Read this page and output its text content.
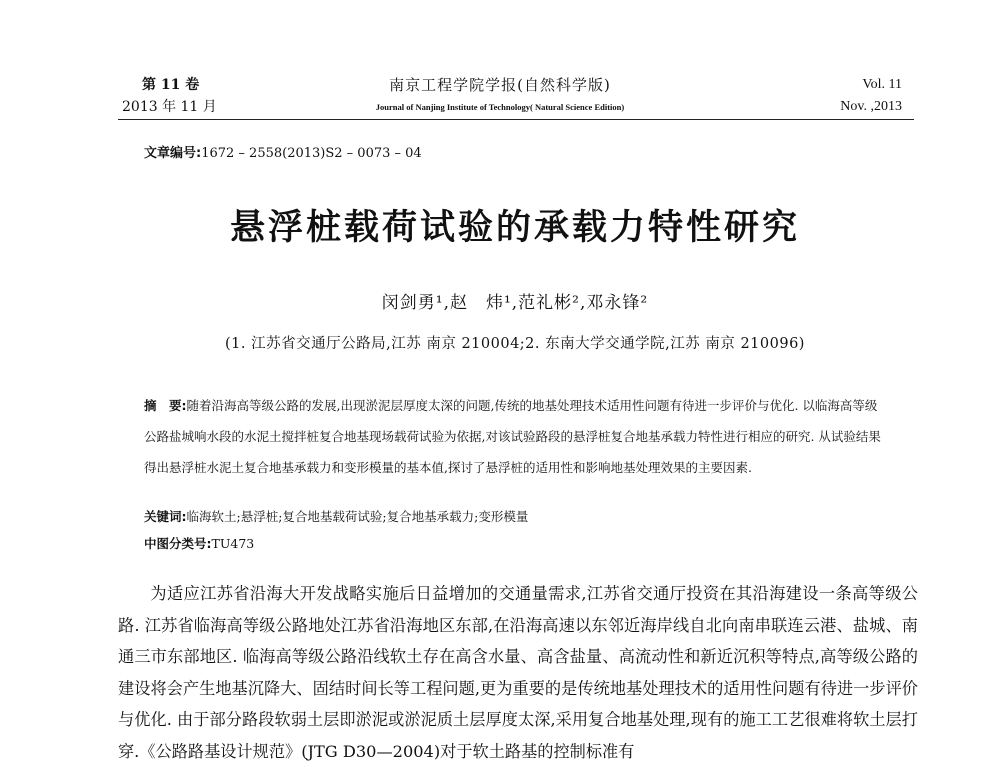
第 11 卷
2013 年 11 月
南京工程学院学报(自然科学版)
Journal of Nanjing Institute of Technology( Natural Science Edition)
Vol. 11
Nov. ,2013
文章编号:1672 – 2558(2013)S2 – 0073 – 04
悬浮桩载荷试验的承载力特性研究
闵剑勇¹,赵　炜¹,范礼彬²,邓永锋²
(1. 江苏省交通厅公路局,江苏 南京 210004;2. 东南大学交通学院,江苏 南京 210096)
摘　要:随着沿海高等级公路的发展,出现淤泥层厚度太深的问题,传统的地基处理技术适用性问题有待进一步评价与优化. 以临海高等级公路盐城响水段的水泥土搅拌桩复合地基现场载荷试验为依据,对该试验路段的悬浮桩复合地基承载力特性进行相应的研究. 从试验结果得出悬浮桩水泥土复合地基承载力和变形模量的基本值,探讨了悬浮桩的适用性和影响地基处理效果的主要因素.
关键词:临海软土;悬浮桩;复合地基载荷试验;复合地基承载力;变形模量
中图分类号:TU473
为适应江苏省沿海大开发战略实施后日益增加的交通量需求,江苏省交通厅投资在其沿海建设一条高等级公路. 江苏省临海高等级公路地处江苏省沿海地区东部,在沿海高速以东邻近海岸线自北向南串联连云港、盐城、南通三市东部地区. 临海高等级公路沿线软土存在高含水量、高含盐量、高流动性和新近沉积等特点,高等级公路的建设将会产生地基沉降大、固结时间长等工程问题,更为重要的是传统地基处理技术的适用性问题有待进一步评价与优化. 由于部分路段软弱土层即淤泥或淤泥质土层厚度太深,采用复合地基处理,现有的施工工艺很难将软土层打穿.《公路路基设计规范》(JTG D30—2004)对于软土路基的控制标准有
